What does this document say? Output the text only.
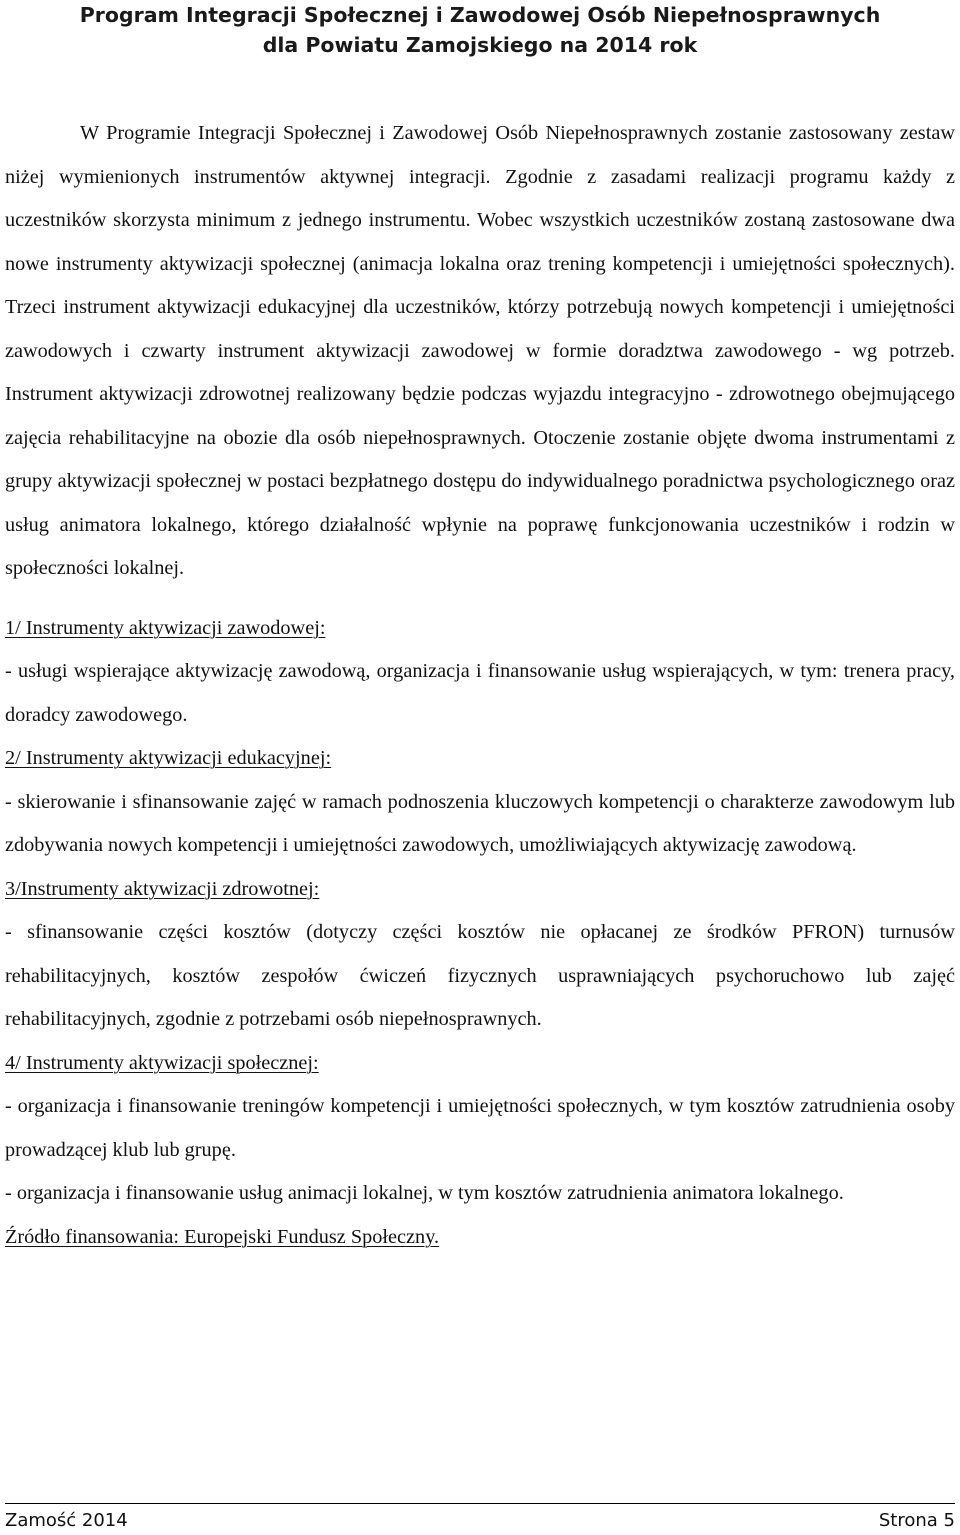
Program Integracji Społecznej i Zawodowej Osób Niepełnosprawnych
dla Powiatu Zamojskiego na 2014 rok

W Programie Integracji Społecznej i Zawodowej Osób Niepełnosprawnych zostanie zastosowany zestaw niżej wymienionych instrumentów aktywnej integracji. Zgodnie z zasadami realizacji programu każdy z uczestników skorzysta minimum z jednego instrumentu. Wobec wszystkich uczestników zostaną zastosowane dwa nowe instrumenty aktywizacji społecznej (animacja lokalna oraz trening kompetencji i umiejętności społecznych). Trzeci instrument aktywizacji edukacyjnej dla uczestników, którzy potrzebują nowych kompetencji i umiejętności zawodowych i czwarty instrument aktywizacji zawodowej w formie doradztwa zawodowego - wg potrzeb. Instrument aktywizacji zdrowotnej realizowany będzie podczas wyjazdu integracyjno - zdrowotnego obejmującego zajęcia rehabilitacyjne na obozie dla osób niepełnosprawnych. Otoczenie zostanie objęte dwoma instrumentami z grupy aktywizacji społecznej w postaci bezpłatnego dostępu do indywidualnego poradnictwa psychologicznego oraz usług animatora lokalnego, którego działalność wpłynie na poprawę funkcjonowania uczestników i rodzin w społeczności lokalnej.

1/ Instrumenty aktywizacji zawodowej:

- usługi wspierające aktywizację zawodową, organizacja i finansowanie usług wspierających, w tym: trenera pracy, doradcy zawodowego.

2/ Instrumenty aktywizacji edukacyjnej:

- skierowanie i sfinansowanie zajęć w ramach podnoszenia kluczowych kompetencji o charakterze zawodowym lub zdobywania nowych kompetencji i umiejętności zawodowych, umożliwiających aktywizację zawodową.

3/Instrumenty aktywizacji zdrowotnej:

- sfinansowanie części kosztów (dotyczy części kosztów nie opłacanej ze środków PFRON) turnusów rehabilitacyjnych, kosztów zespołów ćwiczeń fizycznych usprawniających psychoruchowo lub zajęć rehabilitacyjnych, zgodnie z potrzebami osób niepełnosprawnych.

4/ Instrumenty aktywizacji społecznej:

- organizacja i finansowanie treningów kompetencji i umiejętności społecznych, w tym kosztów zatrudnienia osoby prowadzącej klub lub grupę.

- organizacja i finansowanie usług animacji lokalnej, w tym kosztów zatrudnienia animatora lokalnego.

Źródło finansowania: Europejski Fundusz Społeczny.

Zamość 2014	Strona 5
